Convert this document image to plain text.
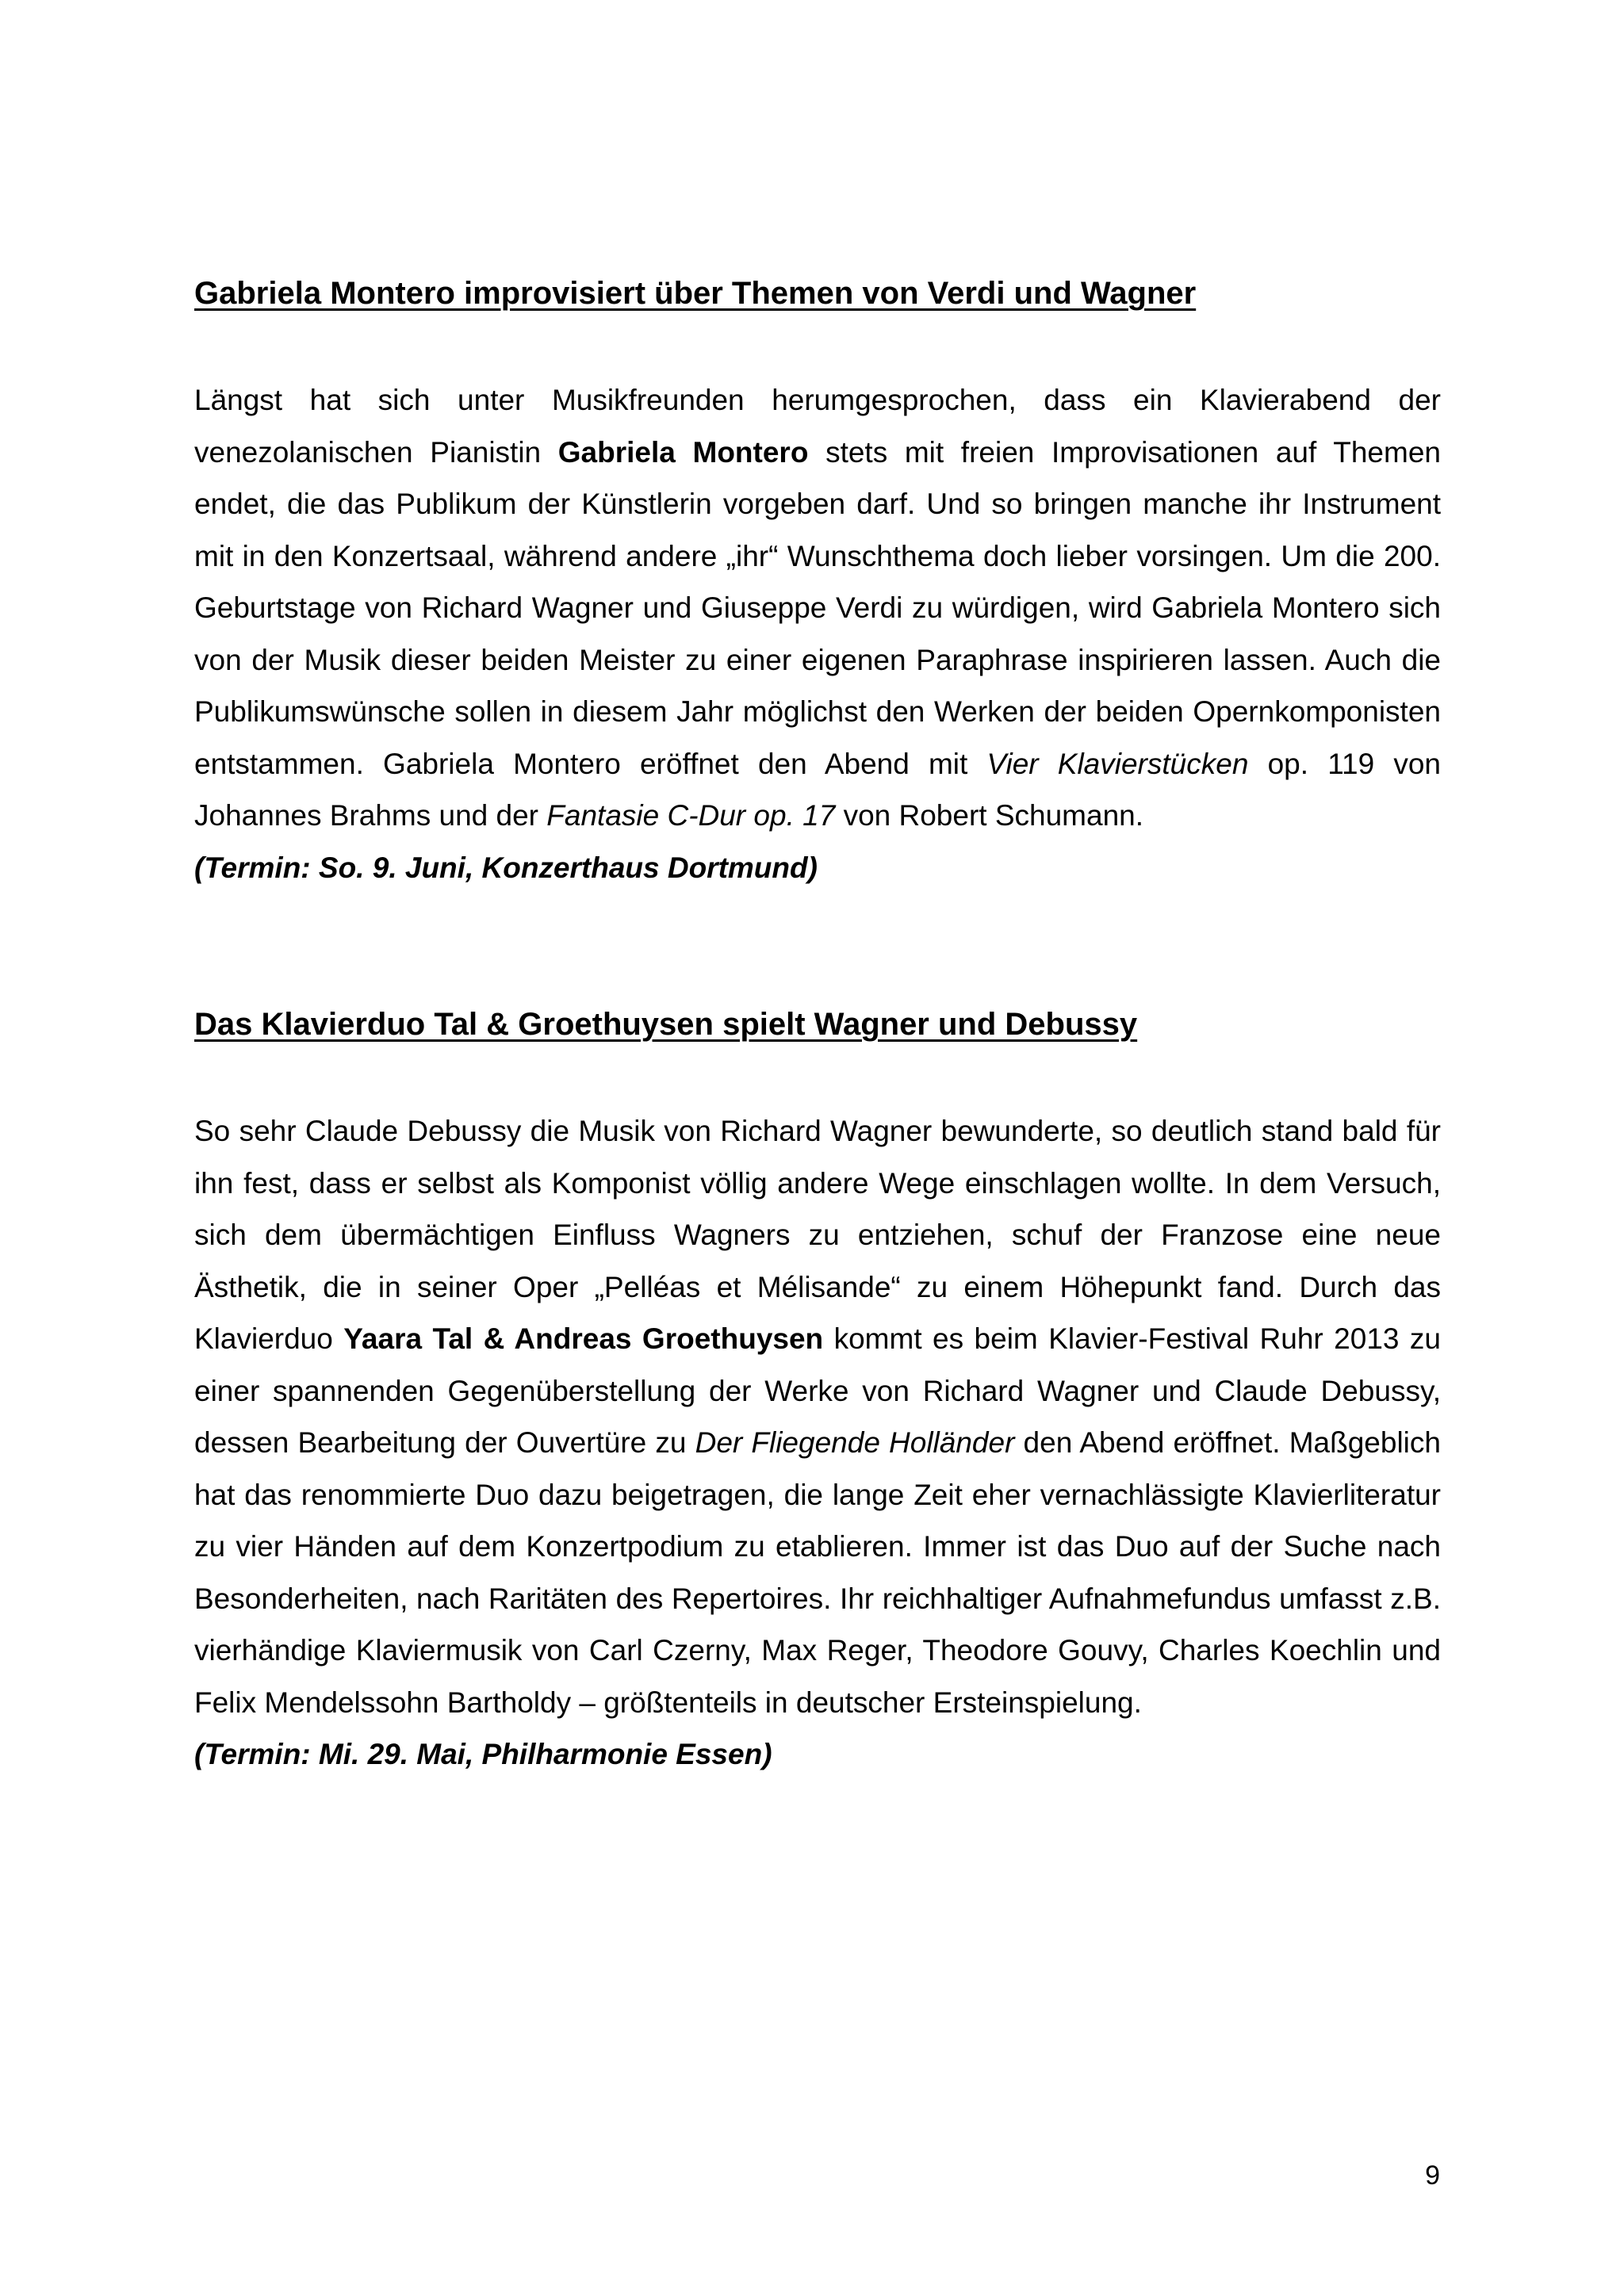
Gabriela Montero improvisiert über Themen von Verdi und Wagner

Längst hat sich unter Musikfreunden herumgesprochen, dass ein Klavierabend der venezolanischen Pianistin Gabriela Montero stets mit freien Improvisationen auf Themen endet, die das Publikum der Künstlerin vorgeben darf. Und so bringen manche ihr Instrument mit in den Konzertsaal, während andere „ihr“ Wunschthema doch lieber vorsingen. Um die 200. Geburtstage von Richard Wagner und Giuseppe Verdi zu würdigen, wird Gabriela Montero sich von der Musik dieser beiden Meister zu einer eigenen Paraphrase inspirieren lassen. Auch die Publikumswünsche sollen in diesem Jahr möglichst den Werken der beiden Opernkomponisten entstammen. Gabriela Montero eröffnet den Abend mit Vier Klavierstücken op. 119 von Johannes Brahms und der Fantasie C-Dur op. 17 von Robert Schumann.

(Termin: So. 9. Juni, Konzerthaus Dortmund)
Das Klavierduo Tal & Groethuysen spielt Wagner und Debussy

So sehr Claude Debussy die Musik von Richard Wagner bewunderte, so deutlich stand bald für ihn fest, dass er selbst als Komponist völlig andere Wege einschlagen wollte. In dem Versuch, sich dem übermächtigen Einfluss Wagners zu entziehen, schuf der Franzose eine neue Ästhetik, die in seiner Oper „Pelléas et Mélisande“ zu einem Höhepunkt fand. Durch das Klavierduo Yaara Tal & Andreas Groethuysen kommt es beim Klavier-Festival Ruhr 2013 zu einer spannenden Gegenüberstellung der Werke von Richard Wagner und Claude Debussy, dessen Bearbeitung der Ouvertüre zu Der Fliegende Holländer den Abend eröffnet. Maßgeblich hat das renommierte Duo dazu beigetragen, die lange Zeit eher vernachlässigte Klavierliteratur zu vier Händen auf dem Konzertpodium zu etablieren. Immer ist das Duo auf der Suche nach Besonderheiten, nach Raritäten des Repertoires. Ihr reichhaltiger Aufnahmefundus umfasst z.B. vierhändige Klaviermusik von Carl Czerny, Max Reger, Theodore Gouvy, Charles Koechlin und Felix Mendelssohn Bartholdy – größtenteils in deutscher Ersteinspielung.

(Termin: Mi. 29. Mai, Philharmonie Essen)
9
